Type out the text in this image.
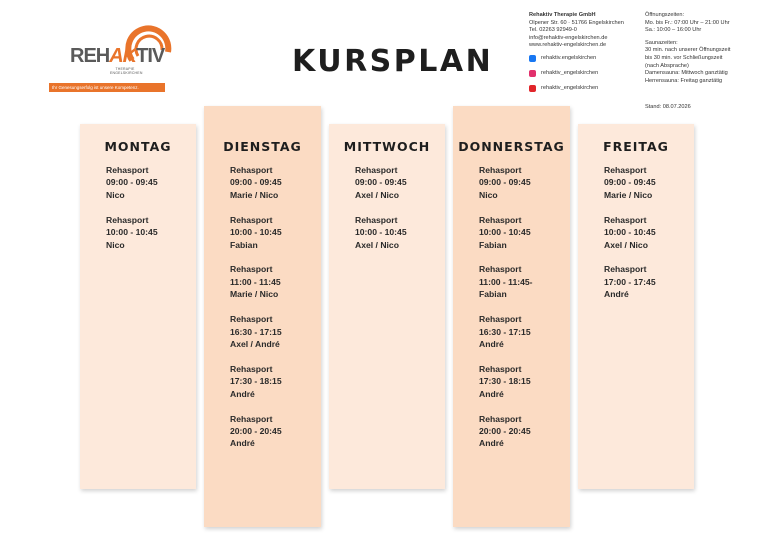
REHAKTIV
THERAPIE ENGELSKIRCHEN
Ihr Genesungserfolg ist unsere Kompetenz.
KURSPLAN
Rehaktiv Therapie GmbH
Olpener Str. 60 · 51766 Engelskirchen
Tel. 02263 92949-0
info@rehaktiv-engelskirchen.de
www.rehaktiv-engelskirchen.de
rehaktiv.engelskirchen
rehaktiv_engelskirchen
rehaktiv_engelskirchen
Öffnungszeiten:
Mo. bis Fr.: 07:00 Uhr – 21:00 Uhr
Sa.: 10:00 – 16:00 Uhr
Saunazeiten:
30 min. nach unserer Öffnungszeit
bis 30 min. vor Schließungszeit
(nach Absprache)
Damensauna: Mittwoch ganztätig
Herrensauna: Freitag ganztätig
Stand: 08.07.2026
MONTAG
Rehasport
09:00 - 09:45
Nico
Rehasport
10:00 - 10:45
Nico
DIENSTAG
Rehasport
09:00 - 09:45
Marie / Nico
Rehasport
10:00 - 10:45
Fabian
Rehasport
11:00 - 11:45
Marie / Nico
Rehasport
16:30 - 17:15
Axel / André
Rehasport
17:30 - 18:15
André
Rehasport
20:00 - 20:45
André
MITTWOCH
Rehasport
09:00 - 09:45
Axel / Nico
Rehasport
10:00 - 10:45
Axel / Nico
DONNERSTAG
Rehasport
09:00 - 09:45
Nico
Rehasport
10:00 - 10:45
Fabian
Rehasport
11:00 - 11:45-
Fabian
Rehasport
16:30 - 17:15
André
Rehasport
17:30 - 18:15
André
Rehasport
20:00 - 20:45
André
FREITAG
Rehasport
09:00 - 09:45
Marie / Nico
Rehasport
10:00 - 10:45
Axel / Nico
Rehasport
17:00 - 17:45
André
